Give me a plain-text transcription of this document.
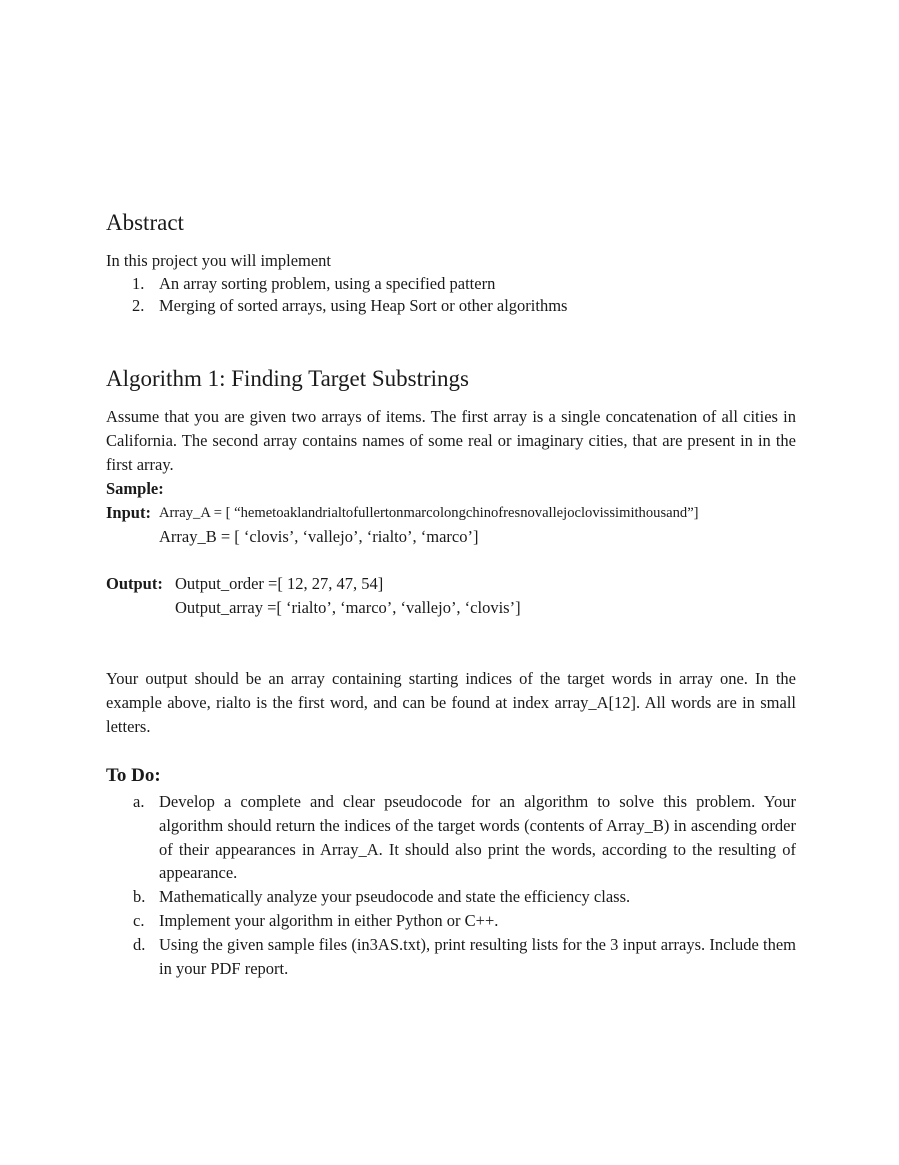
Abstract

In this project you will implement

1. An array sorting problem, using a specified pattern
2. Merging of sorted arrays, using Heap Sort or other algorithms
Algorithm 1: Finding Target Substrings

Assume that you are given two arrays of items. The first array is a single concatenation of all cities in California. The second array contains names of some real or imaginary cities, that are present in in the first array.

Sample:
Input: Array_A = [ “hemetoaklandrialtofullertonmarcolongchinofresnovallejoclovissimithousand”]
Array_B = [ ‘clovis’, ‘vallejo’, ‘rialto’, ‘marco’]
Output: Output_order =[ 12, 27, 47, 54]
Output_array =[ ‘rialto’, ‘marco’, ‘vallejo’, ‘clovis’]

Your output should be an array containing starting indices of the target words in array one. In the example above, rialto is the first word, and can be found at index array_A[12]. All words are in small letters.

To Do:
a. Develop a complete and clear pseudocode for an algorithm to solve this problem. Your algorithm should return the indices of the target words (contents of Array_B) in ascending order of their appearances in Array_A. It should also print the words, according to the resulting of appearance.
b. Mathematically analyze your pseudocode and state the efficiency class.
c. Implement your algorithm in either Python or C++.
d. Using the given sample files (in3AS.txt), print resulting lists for the 3 input arrays. Include them in your PDF report.
